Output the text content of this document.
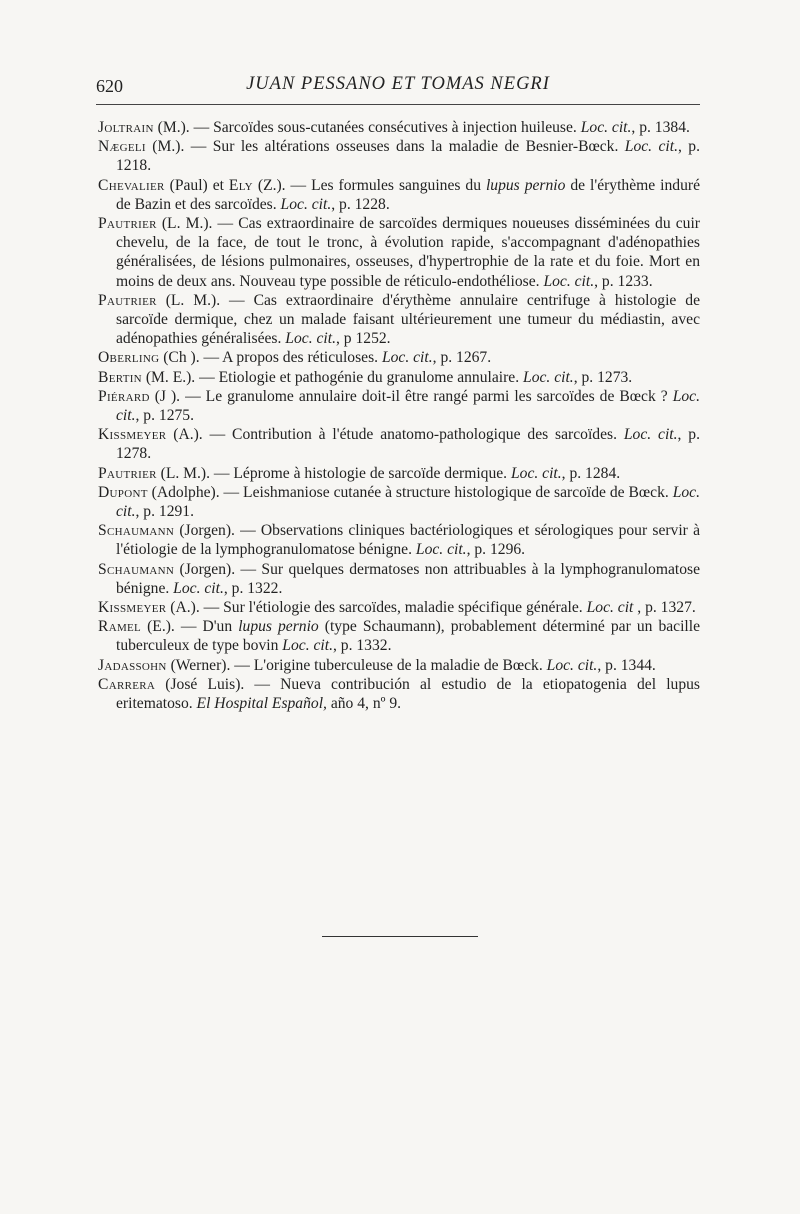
620	JUAN PESSANO ET TOMAS NEGRI

Joltrain (M.). — Sarcoïdes sous-cutanées consécutives à injection huileuse. Loc. cit., p. 1384.

Nægeli (M.). — Sur les altérations osseuses dans la maladie de Besnier-Bœck. Loc. cit., p. 1218.

Chevalier (Paul) et Ely (Z.). — Les formules sanguines du lupus pernio de l'érythème induré de Bazin et des sarcoïdes. Loc. cit., p. 1228.

Pautrier (L. M.). — Cas extraordinaire de sarcoïdes dermiques noueuses disséminées du cuir chevelu, de la face, de tout le tronc, à évolution rapide, s'accompagnant d'adénopathies généralisées, de lésions pulmonaires, osseuses, d'hypertrophie de la rate et du foie. Mort en moins de deux ans. Nouveau type possible de réticulo-endothéliose. Loc. cit., p. 1233.

Pautrier (L. M.). — Cas extraordinaire d'érythème annulaire centrifuge à histologie de sarcoïde dermique, chez un malade faisant ultérieurement une tumeur du médiastin, avec adénopathies généralisées. Loc. cit., p 1252.

Oberling (Ch ). — A propos des réticuloses. Loc. cit., p. 1267.

Bertin (M. E.). — Etiologie et pathogénie du granulome annulaire. Loc. cit., p. 1273.

Piérard (J ). — Le granulome annulaire doit-il être rangé parmi les sarcoïdes de Bœck ? Loc. cit., p. 1275.

Kissmeyer (A.). — Contribution à l'étude anatomo-pathologique des sarcoïdes. Loc. cit., p. 1278.

Pautrier (L. M.). — Léprome à histologie de sarcoïde dermique. Loc. cit., p. 1284.

Dupont (Adolphe). — Leishmaniose cutanée à structure histologique de sarcoïde de Bœck. Loc. cit., p. 1291.

Schaumann (Jorgen). — Observations cliniques bactériologiques et sérologiques pour servir à l'étiologie de la lymphogranulomatose bénigne. Loc. cit., p. 1296.

Schaumann (Jorgen). — Sur quelques dermatoses non attribuables à la lymphogranulomatose bénigne. Loc. cit., p. 1322.

Kissmeyer (A.). — Sur l'étiologie des sarcoïdes, maladie spécifique générale. Loc. cit , p. 1327.

Ramel (E.). — D'un lupus pernio (type Schaumann), probablement déterminé par un bacille tuberculeux de type bovin Loc. cit., p. 1332.

Jadassohn (Werner). — L'origine tuberculeuse de la maladie de Bœck. Loc. cit., p. 1344.

Carrera (José Luis). — Nueva contribución al estudio de la etiopatogenia del lupus eritematoso. El Hospital Español, año 4, nº 9.
